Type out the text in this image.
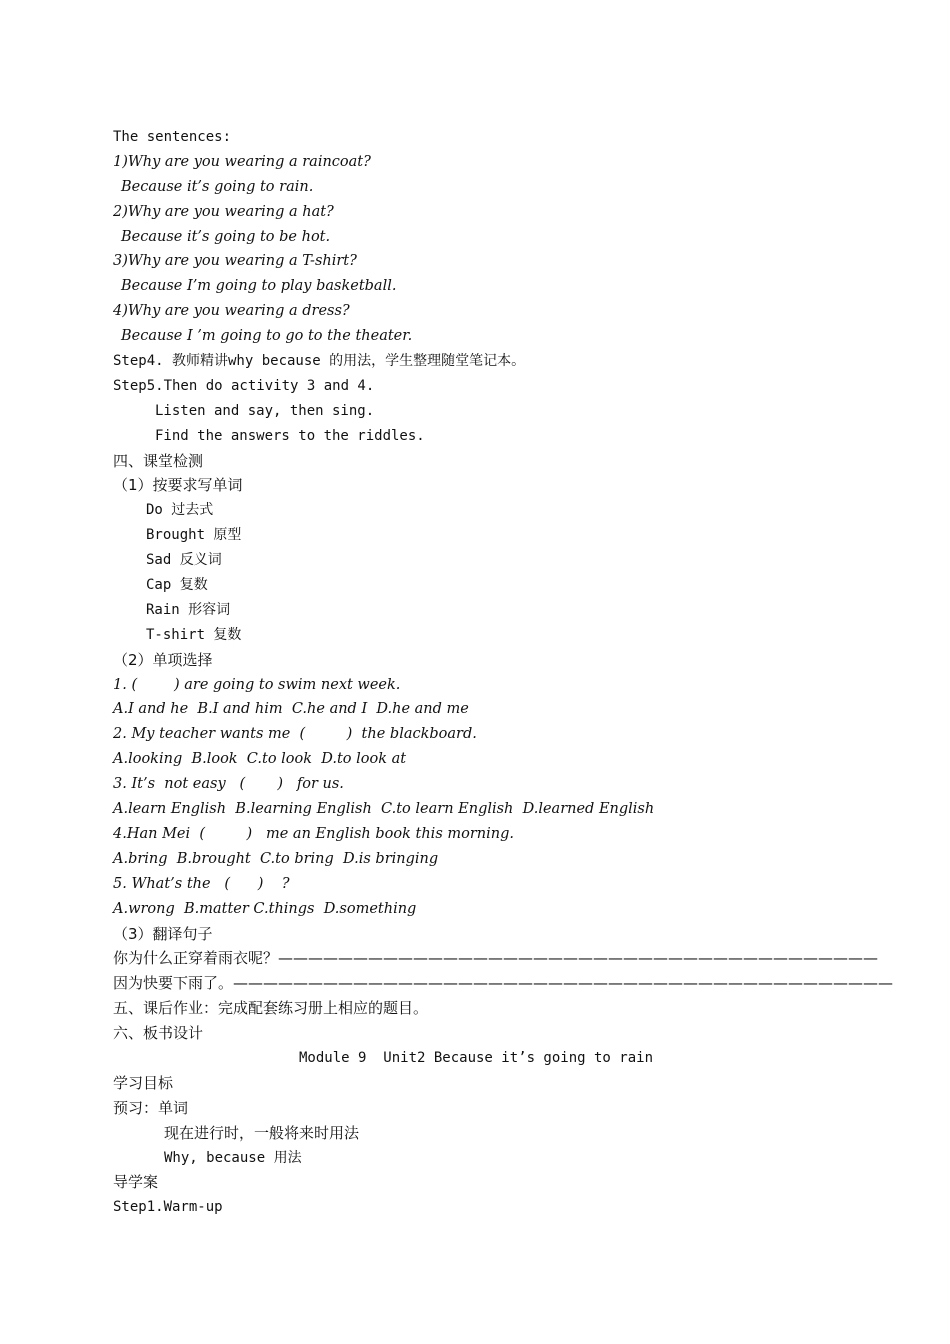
The sentences:
1)Why are you wearing a raincoat?
Because it’s going to rain.
2)Why are you wearing a hat?
Because it’s going to be hot.
3)Why are you wearing a T-shirt?
Because I’m going to play basketball.
4)Why are you wearing a dress?
Because I ’m going to go to the theater.
Step4. 教师精讲why because 的用法，学生整理随堂笔记本。
Step5.Then do activity 3 and 4.
Listen and say, then sing.
Find the answers to the riddles.
四、课堂检测
（1）按要求写单词
Do 过去式
Brought 原型
Sad 反义词
Cap 复数
Rain 形容词
T-shirt 复数
（2）单项选择
1. (        ) are going to swim next week.
A.I and he  B.I and him  C.he and I  D.he and me
2. My teacher wants me  (         )  the blackboard.
A.looking  B.look  C.to look  D.to look at
3. It’s  not easy   (       )   for us.
A.learn English  B.learning English  C.to learn English  D.learned English
4.Han Mei  (         )   me an English book this morning.
A.bring  B.brought  C.to bring  D.is bringing
5. What’s the   (      )    ?
A.wrong  B.matter C.things  D.something
（3）翻译句子
你为什么正穿着雨衣呢？————————————————————————————————————————
因为快要下雨了。————————————————————————————————————————————
五、课后作业：完成配套练习册上相应的题目。
六、板书设计
Module 9  Unit2 Because it’s going to rain
学习目标
预习：单词
现在进行时，一般将来时用法
Why, because 用法
导学案
Step1.Warm-up
